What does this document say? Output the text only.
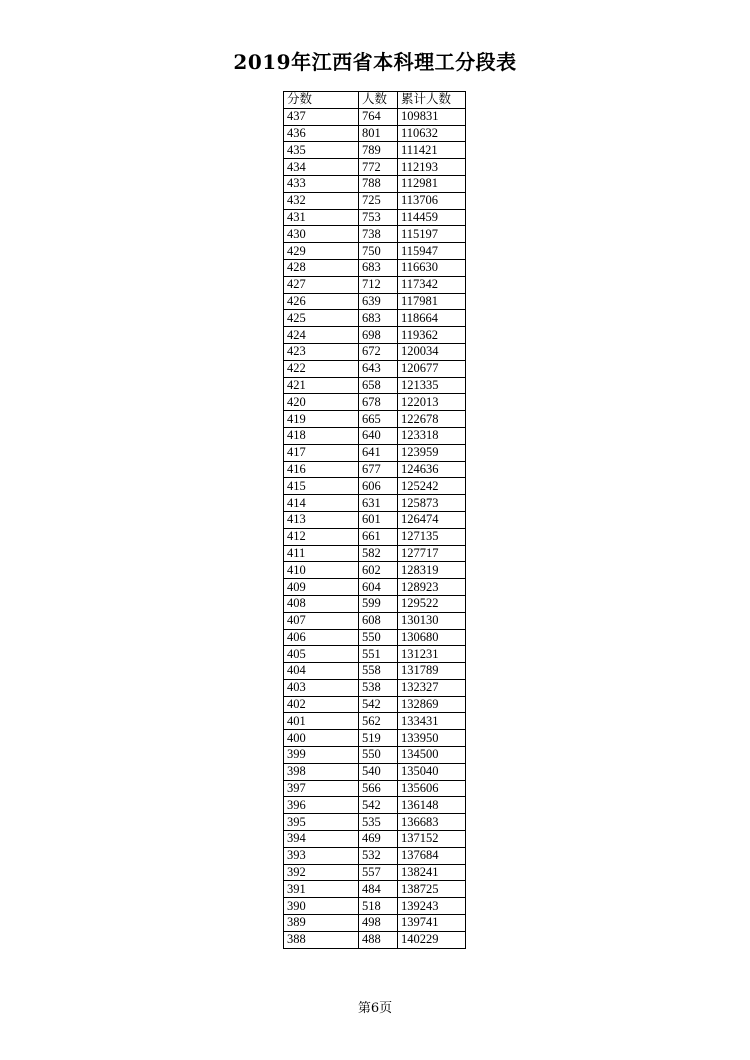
2019年江西省本科理工分段表
分数	人数	累计人数
437	764	109831
436	801	110632
435	789	111421
434	772	112193
433	788	112981
432	725	113706
431	753	114459
430	738	115197
429	750	115947
428	683	116630
427	712	117342
426	639	117981
425	683	118664
424	698	119362
423	672	120034
422	643	120677
421	658	121335
420	678	122013
419	665	122678
418	640	123318
417	641	123959
416	677	124636
415	606	125242
414	631	125873
413	601	126474
412	661	127135
411	582	127717
410	602	128319
409	604	128923
408	599	129522
407	608	130130
406	550	130680
405	551	131231
404	558	131789
403	538	132327
402	542	132869
401	562	133431
400	519	133950
399	550	134500
398	540	135040
397	566	135606
396	542	136148
395	535	136683
394	469	137152
393	532	137684
392	557	138241
391	484	138725
390	518	139243
389	498	139741
388	488	140229
第6页
